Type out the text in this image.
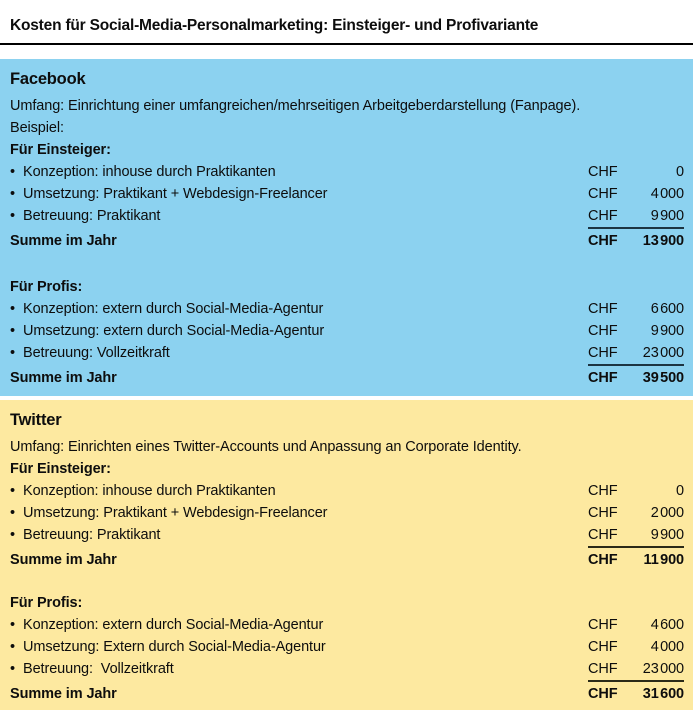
Kosten für Social-Media-Personalmarketing: Einsteiger- und Profivariante
Facebook
Umfang: Einrichtung einer umfangreichen/mehrseitigen Arbeitgeberdarstellung (Fanpage).
Beispiel:
Für Einsteiger:
• Konzeption: inhouse durch Praktikanten	CHF	0
• Umsetzung: Praktikant + Webdesign-Freelancer	CHF	4 000
• Betreuung: Praktikant	CHF	9 900
Summe im Jahr	CHF	13 900
Für Profis:
• Konzeption: extern durch Social-Media-Agentur	CHF	6 600
• Umsetzung: extern durch Social-Media-Agentur	CHF	9 900
• Betreuung: Vollzeitkraft	CHF	23 000
Summe im Jahr	CHF	39 500
Twitter
Umfang: Einrichten eines Twitter-Accounts und Anpassung an Corporate Identity.
Für Einsteiger:
• Konzeption: inhouse durch Praktikanten	CHF	0
• Umsetzung: Praktikant + Webdesign-Freelancer	CHF	2 000
• Betreuung: Praktikant	CHF	9 900
Summe im Jahr	CHF	11 900
Für Profis:
• Konzeption: extern durch Social-Media-Agentur	CHF	4 600
• Umsetzung: Extern durch Social-Media-Agentur	CHF	4 000
• Betreuung:  Vollzeitkraft	CHF	23 000
Summe im Jahr	CHF	31 600
